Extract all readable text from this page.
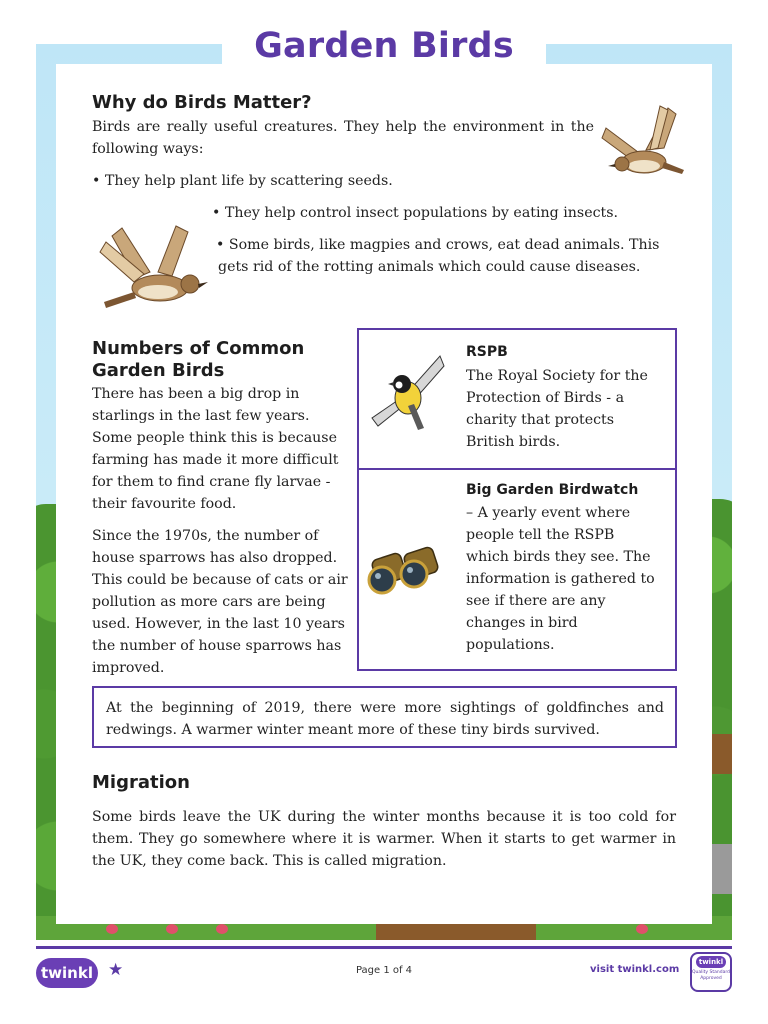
Garden Birds
Why do Birds Matter?
Birds are really useful creatures. They help the environment in the following ways:
• They help plant life by scattering seeds.
• They help control insect populations by eating insects.
• Some birds, like magpies and crows, eat dead animals. This gets rid of the rotting animals which could cause diseases.
Numbers of Common Garden Birds
There has been a big drop in starlings in the last few years. Some people think this is because farming has made it more difficult for them to find crane fly larvae - their favourite food.
Since the 1970s, the number of house sparrows has also dropped. This could be because of cats or air pollution as more cars are being used. However, in the last 10 years the number of house sparrows has improved.
RSPB
The Royal Society for the Protection of Birds - a charity that protects British birds.
Big Garden Birdwatch
– A yearly event where people tell the RSPB which birds they see. The information is gathered to see if there are any changes in bird populations.
At the beginning of 2019, there were more sightings of goldfinches and redwings. A warmer winter meant more of these tiny birds survived.
Migration
Some birds leave the UK during the winter months because it is too cold for them. They go somewhere where it is warmer. When it starts to get warmer in the UK, they come back. This is called migration.
twinkl ★	Page 1 of 4	visit twinkl.com
twinkl
Quality Standard Approved
